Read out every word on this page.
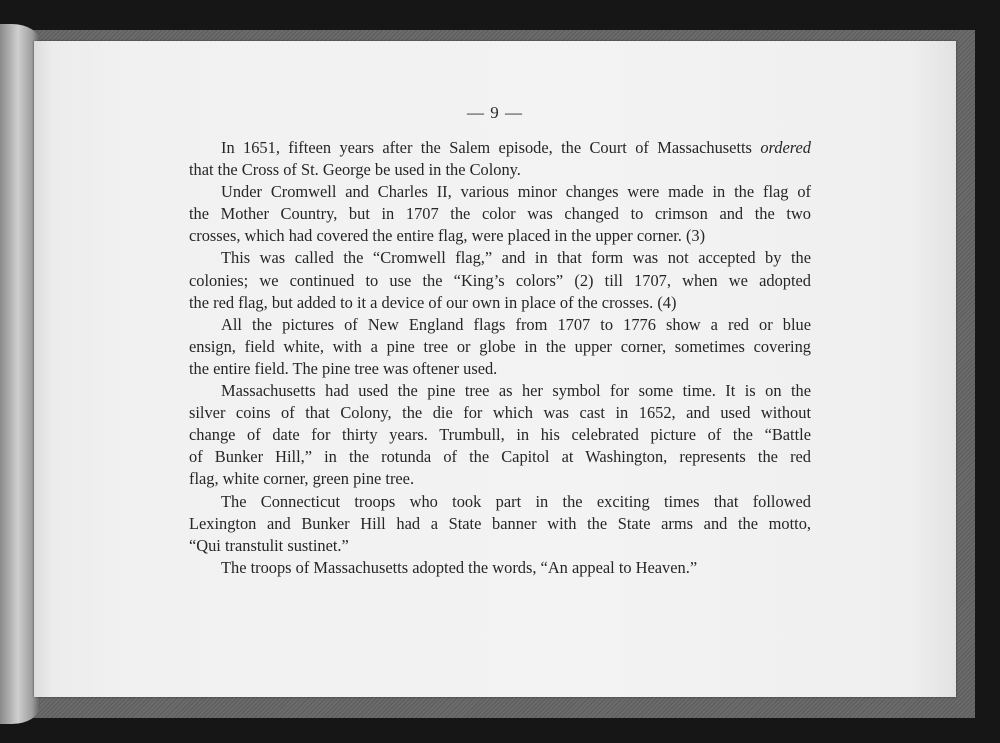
— 9 —
In 1651, fifteen years after the Salem episode, the Court of Massachusetts ordered
that the Cross of St. George be used in the Colony.
Under Cromwell and Charles II, various minor changes were made in the flag of
the Mother Country, but in 1707 the color was changed to crimson and the two
crosses, which had covered the entire flag, were placed in the upper corner. (3)
This was called the “Cromwell flag,” and in that form was not accepted by the
colonies; we continued to use the “King’s colors” (2) till 1707, when we adopted
the red flag, but added to it a device of our own in place of the crosses. (4)
All the pictures of New England flags from 1707 to 1776 show a red or blue
ensign, field white, with a pine tree or globe in the upper corner, sometimes covering
the entire field. The pine tree was oftener used.
Massachusetts had used the pine tree as her symbol for some time. It is on the
silver coins of that Colony, the die for which was cast in 1652, and used without
change of date for thirty years. Trumbull, in his celebrated picture of the “Battle
of Bunker Hill,” in the rotunda of the Capitol at Washington, represents the red
flag, white corner, green pine tree.
The Connecticut troops who took part in the exciting times that followed
Lexington and Bunker Hill had a State banner with the State arms and the motto,
“Qui transtulit sustinet.”
The troops of Massachusetts adopted the words, “An appeal to Heaven.”
